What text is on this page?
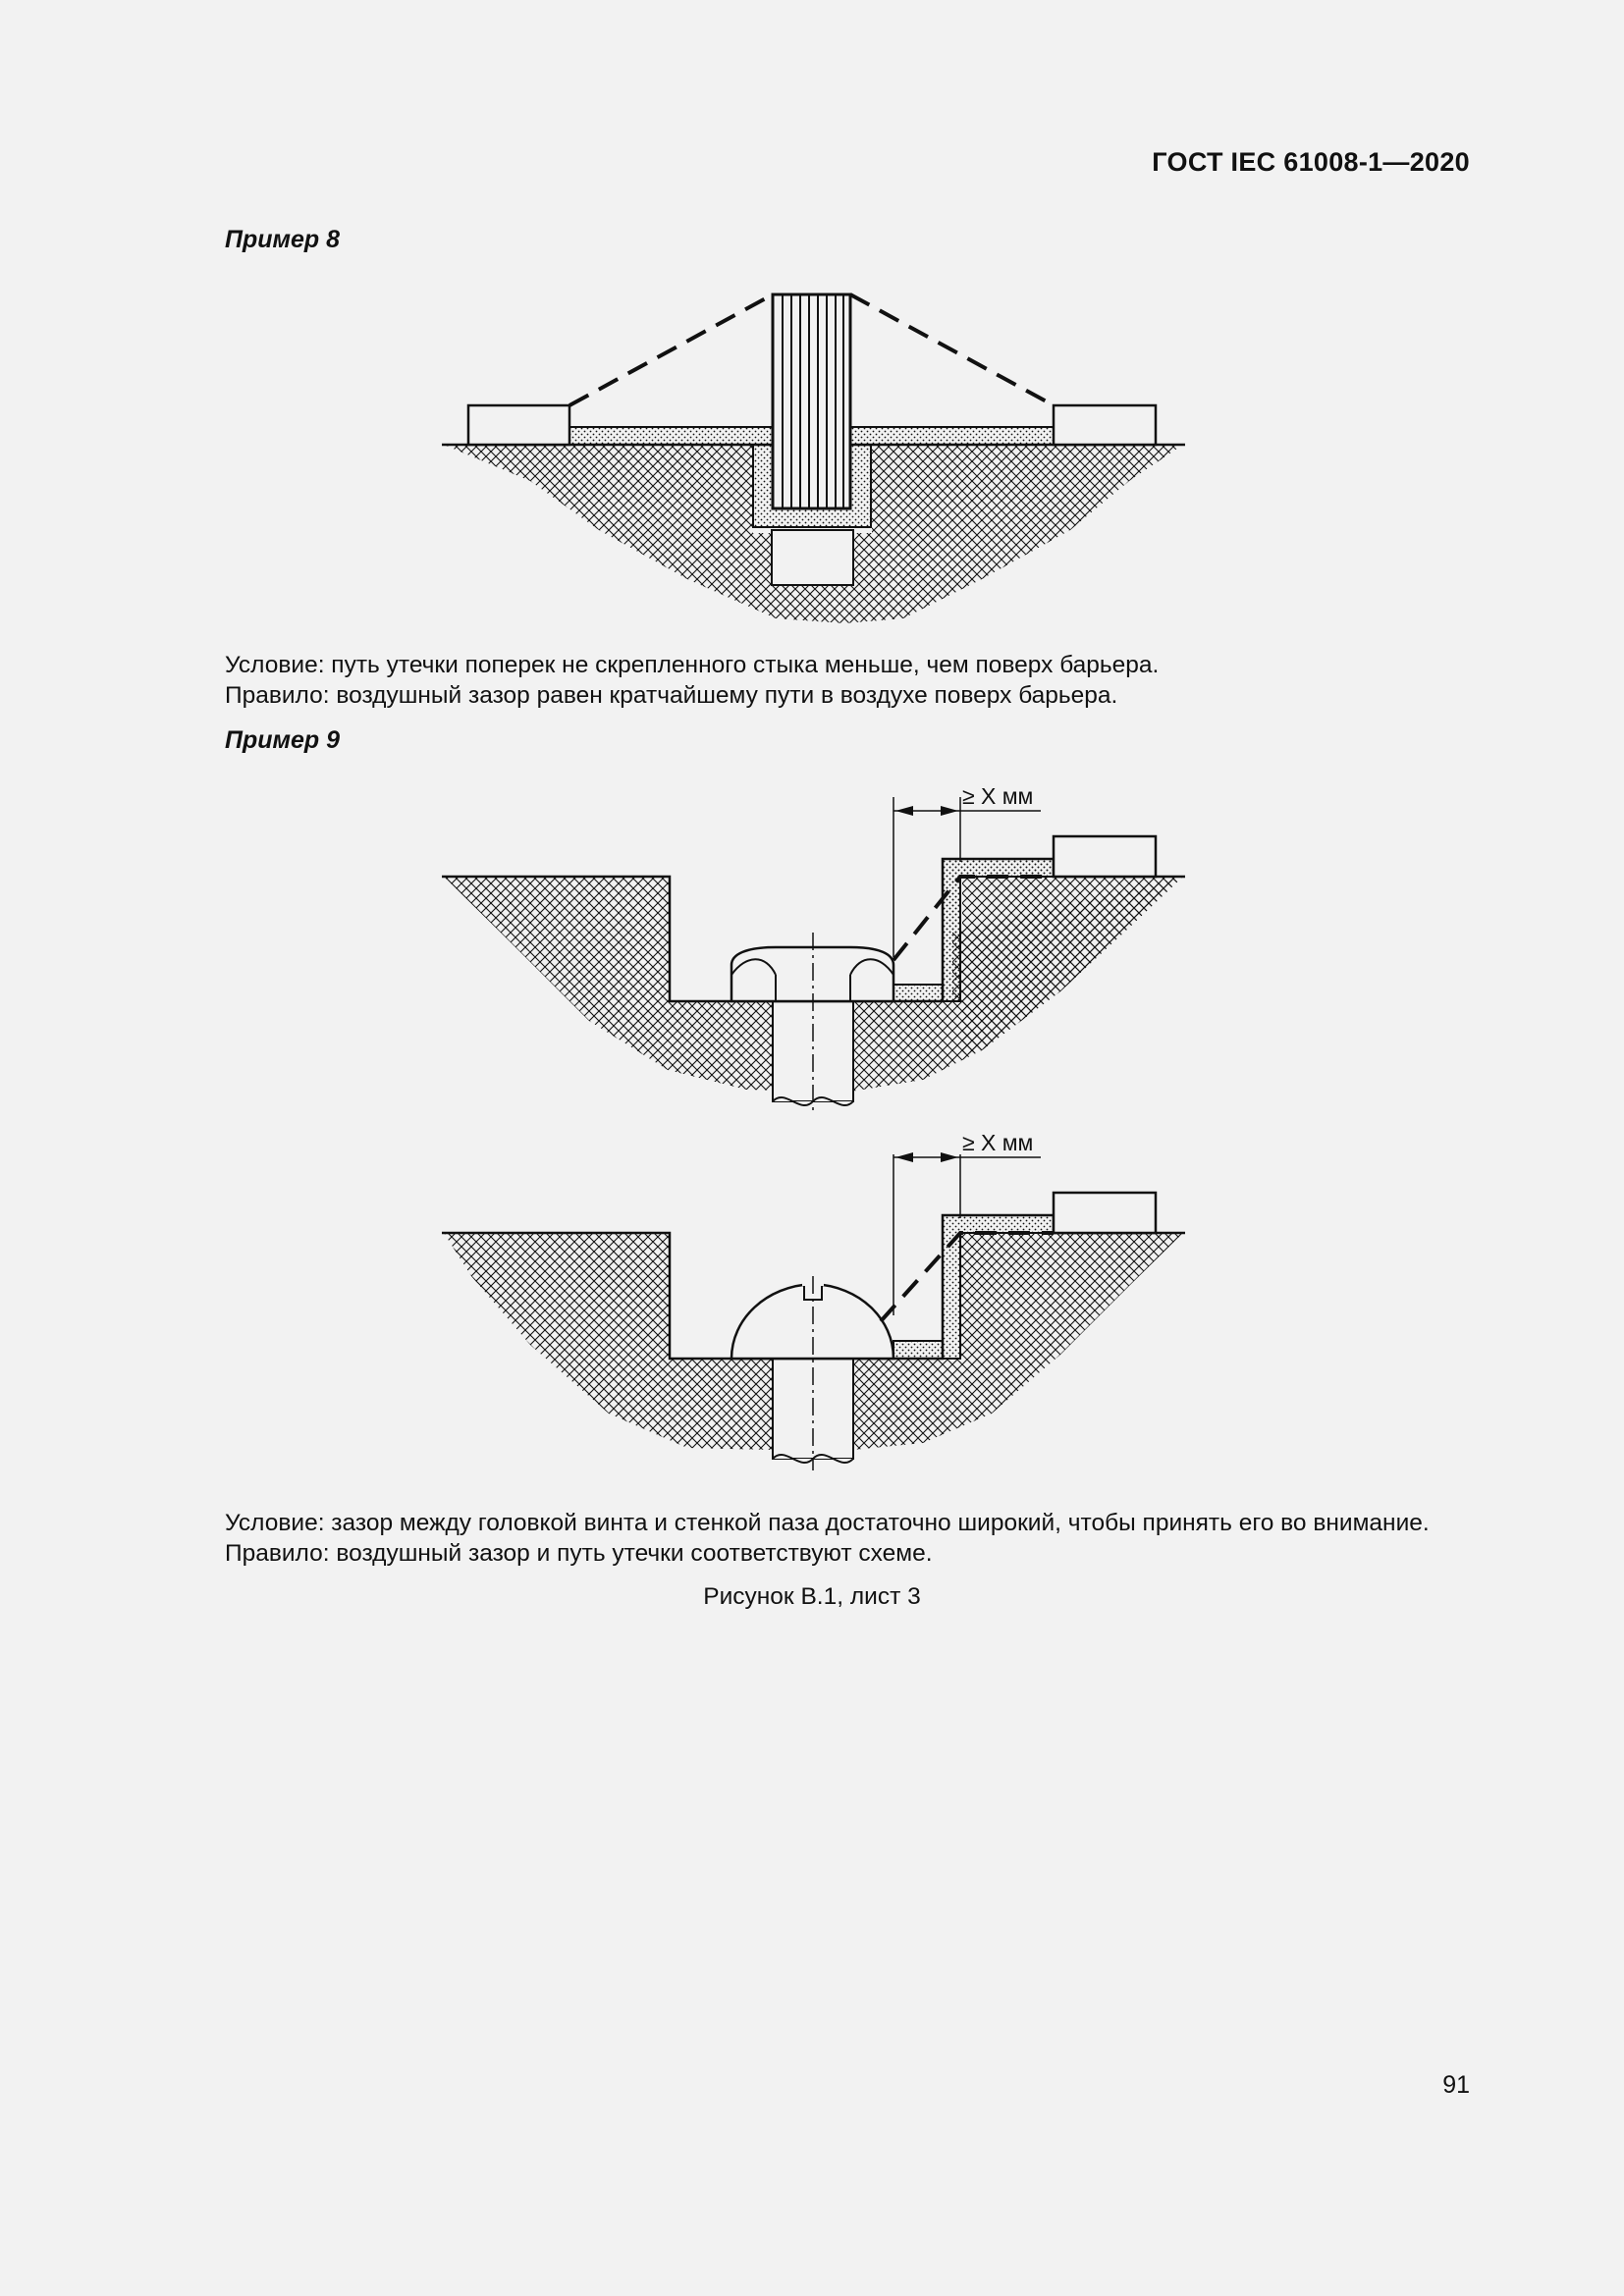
ГОСТ IEC 61008-1—2020
Пример 8
Условие: путь утечки поперек не скрепленного стыка меньше, чем поверх барьера.
Правило: воздушный зазор равен кратчайшему пути в воздухе поверх барьера.
Пример 9
≥ X мм
≥ X мм
Условие: зазор между головкой винта и стенкой паза достаточно широкий, чтобы принять его во внимание.
Правило: воздушный зазор и путь утечки соответствуют схеме.
Рисунок В.1, лист 3
91
